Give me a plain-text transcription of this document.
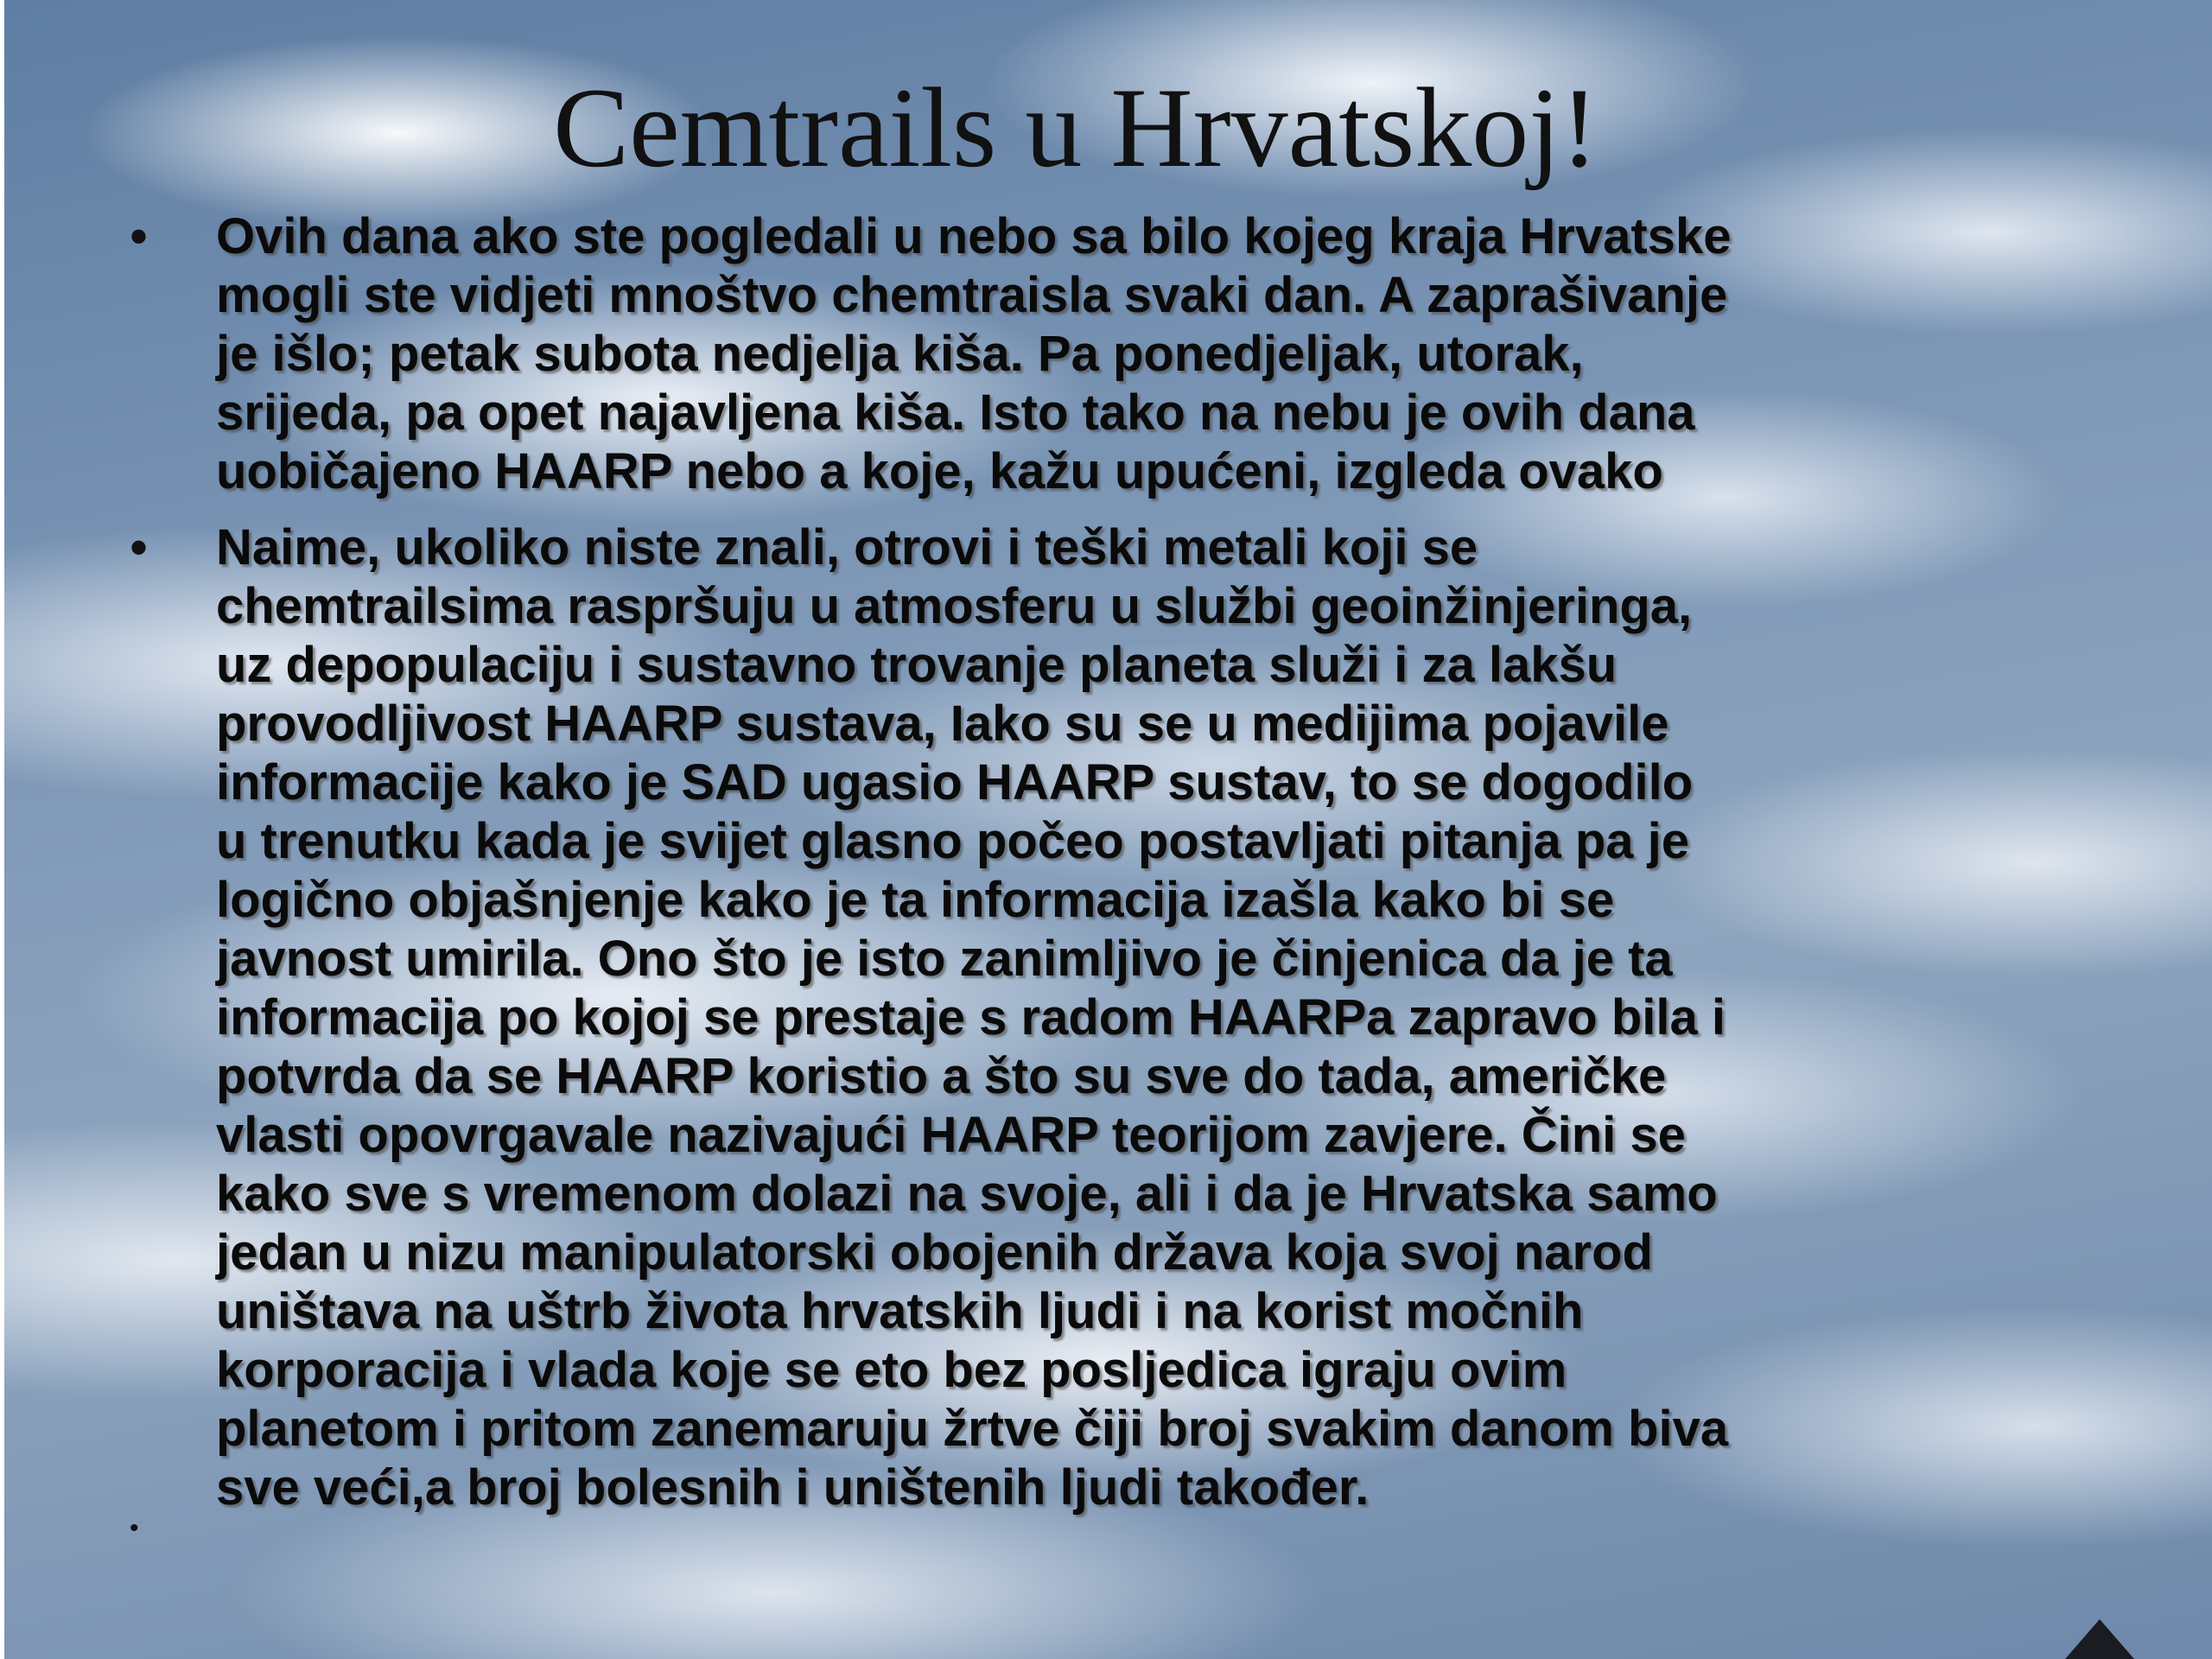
Cemtrails u Hrvatskoj!
•	Ovih dana ako ste pogledali u nebo sa bilo kojeg kraja Hrvatske
mogli ste vidjeti mnoštvo chemtraisla svaki dan. A zaprašivanje
je išlo; petak subota nedjelja kiša. Pa ponedjeljak, utorak,
srijeda, pa opet najavljena kiša. Isto tako na nebu je ovih dana
uobičajeno HAARP nebo a koje, kažu upućeni, izgleda ovako
•	Naime, ukoliko niste znali, otrovi i teški metali koji se
chemtrailsima raspršuju u atmosferu u službi geoinžinjeringa,
uz depopulaciju i sustavno trovanje planeta služi i za lakšu
provodljivost HAARP sustava, Iako su se u medijima pojavile
informacije kako je SAD ugasio HAARP sustav, to se dogodilo
u trenutku kada je svijet glasno počeo postavljati pitanja pa je
logično objašnjenje kako je ta informacija izašla kako bi se
javnost umirila. Ono što je isto zanimljivo je činjenica da je ta
informacija po kojoj se prestaje s radom HAARPa zapravo bila i
potvrda da se HAARP koristio a što su sve do tada, američke
vlasti opovrgavale nazivajući HAARP teorijom zavjere. Čini se
kako sve s vremenom dolazi na svoje, ali i da je Hrvatska samo
jedan u nizu manipulatorski obojenih država koja svoj narod
uništava na uštrb života hrvatskih ljudi i na korist močnih
korporacija i vlada koje se eto bez posljedica igraju ovim
planetom i pritom zanemaruju žrtve čiji broj svakim danom biva
sve veći,a broj bolesnih i uništenih ljudi također.
•
